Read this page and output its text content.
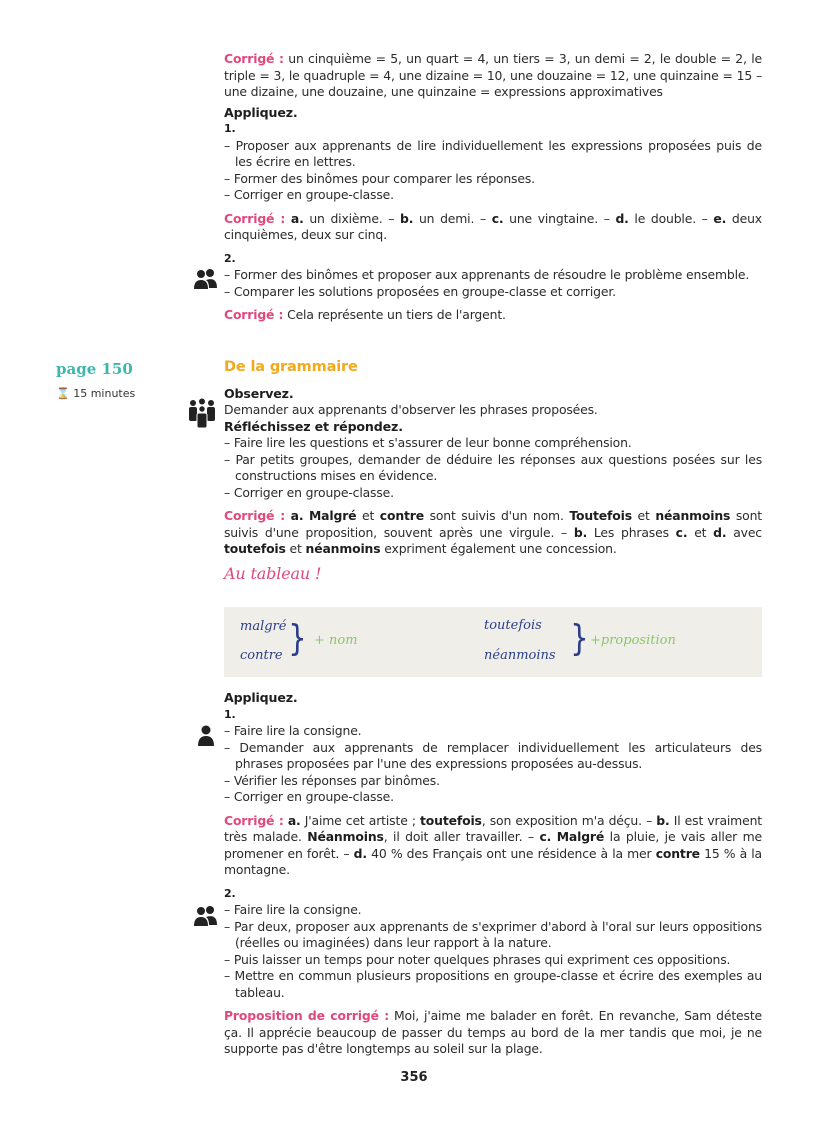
page 150
⌛ 15 minutes

Corrigé : un cinquième = 5, un quart = 4, un tiers = 3, un demi = 2, le double = 2, le triple = 3, le quadruple = 4, une dizaine = 10, une douzaine = 12, une quinzaine = 15 – une dizaine, une douzaine, une quinzaine = expressions approximatives

Appliquez.

1.

– Proposer aux apprenants de lire individuellement les expressions proposées puis de les écrire en lettres.

– Former des binômes pour comparer les réponses.

– Corriger en groupe-classe.

Corrigé : a. un dixième. – b. un demi. – c. une vingtaine. – d. le double. – e. deux cinquièmes, deux sur cinq.

2.

– Former des binômes et proposer aux apprenants de résoudre le problème ensemble.

– Comparer les solutions proposées en groupe-classe et corriger.

Corrigé : Cela représente un tiers de l'argent.

De la grammaire

Observez.

Demander aux apprenants d'observer les phrases proposées.

Réfléchissez et répondez.

– Faire lire les questions et s'assurer de leur bonne compréhension.

– Par petits groupes, demander de déduire les réponses aux questions posées sur les constructions mises en évidence.

– Corriger en groupe-classe.

Corrigé : a. Malgré et contre sont suivis d'un nom. Toutefois et néanmoins sont suivis d'une proposition, souvent après une virgule. – b. Les phrases c. et d. avec toutefois et néanmoins expriment également une concession.

Au tableau !

malgré
contre } + nom
toutefois
néanmoins } +proposition

Appliquez.

1.

– Faire lire la consigne.

– Demander aux apprenants de remplacer individuellement les articulateurs des phrases proposées par l'une des expressions proposées au-dessus.

– Vérifier les réponses par binômes.

– Corriger en groupe-classe.

Corrigé : a. J'aime cet artiste ; toutefois, son exposition m'a déçu. – b. Il est vraiment très malade. Néanmoins, il doit aller travailler. – c. Malgré la pluie, je vais aller me promener en forêt. – d. 40 % des Français ont une résidence à la mer contre 15 % à la montagne.

2.

– Faire lire la consigne.

– Par deux, proposer aux apprenants de s'exprimer d'abord à l'oral sur leurs oppositions (réelles ou imaginées) dans leur rapport à la nature.

– Puis laisser un temps pour noter quelques phrases qui expriment ces oppositions.

– Mettre en commun plusieurs propositions en groupe-classe et écrire des exemples au tableau.

Proposition de corrigé : Moi, j'aime me balader en forêt. En revanche, Sam déteste ça. Il apprécie beaucoup de passer du temps au bord de la mer tandis que moi, je ne supporte pas d'être longtemps au soleil sur la plage.

356
